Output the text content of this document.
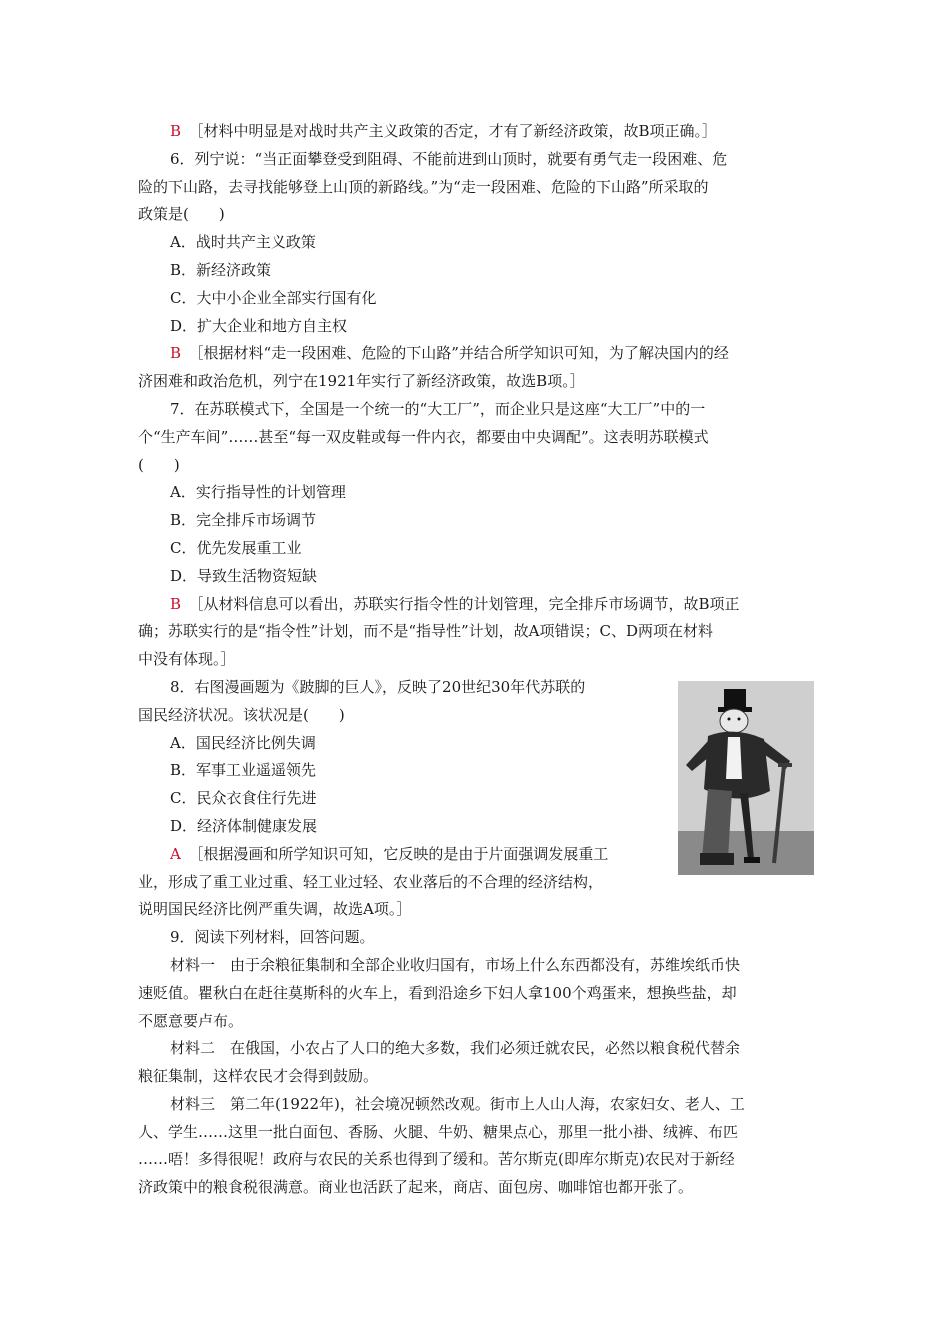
B  ［材料中明显是对战时共产主义政策的否定，才有了新经济政策，故B项正确。］
6．列宁说：“当正面攀登受到阻碍、不能前进到山顶时，就要有勇气走一段困难、危
险的下山路，去寻找能够登上山顶的新路线。”为“走一段困难、危险的下山路”所采取的
政策是(　　)
A．战时共产主义政策
B．新经济政策
C．大中小企业全部实行国有化
D．扩大企业和地方自主权
B  ［根据材料“走一段困难、危险的下山路”并结合所学知识可知，为了解决国内的经
济困难和政治危机，列宁在1921年实行了新经济政策，故选B项。］
7．在苏联模式下，全国是一个统一的“大工厂”，而企业只是这座“大工厂”中的一
个“生产车间”……甚至“每一双皮鞋或每一件内衣，都要由中央调配”。这表明苏联模式
(　　)
A．实行指导性的计划管理
B．完全排斥市场调节
C．优先发展重工业
D．导致生活物资短缺
B  ［从材料信息可以看出，苏联实行指令性的计划管理，完全排斥市场调节，故B项正
确；苏联实行的是“指令性”计划，而不是“指导性”计划，故A项错误；C、D两项在材料
中没有体现。］
8．右图漫画题为《跛脚的巨人》，反映了20世纪30年代苏联的
国民经济状况。该状况是(　　)
A．国民经济比例失调
B．军事工业遥遥领先
C．民众衣食住行先进
D．经济体制健康发展
A  ［根据漫画和所学知识可知，它反映的是由于片面强调发展重工
业，形成了重工业过重、轻工业过轻、农业落后的不合理的经济结构，
说明国民经济比例严重失调，故选A项。］
9．阅读下列材料，回答问题。
材料一　由于余粮征集制和全部企业收归国有，市场上什么东西都没有，苏维埃纸币快
速贬值。瞿秋白在赶往莫斯科的火车上，看到沿途乡下妇人拿100个鸡蛋来，想换些盐，却
不愿意要卢布。
材料二　在俄国，小农占了人口的绝大多数，我们必须迁就农民，必然以粮食税代替余
粮征集制，这样农民才会得到鼓励。
材料三　第二年(1922年)，社会境况顿然改观。街市上人山人海，农家妇女、老人、工
人、学生……这里一批白面包、香肠、火腿、牛奶、糖果点心，那里一批小褂、绒裤、布匹
……唔！多得很呢！政府与农民的关系也得到了缓和。苦尔斯克(即库尔斯克)农民对于新经
济政策中的粮食税很满意。商业也活跃了起来，商店、面包房、咖啡馆也都开张了。
